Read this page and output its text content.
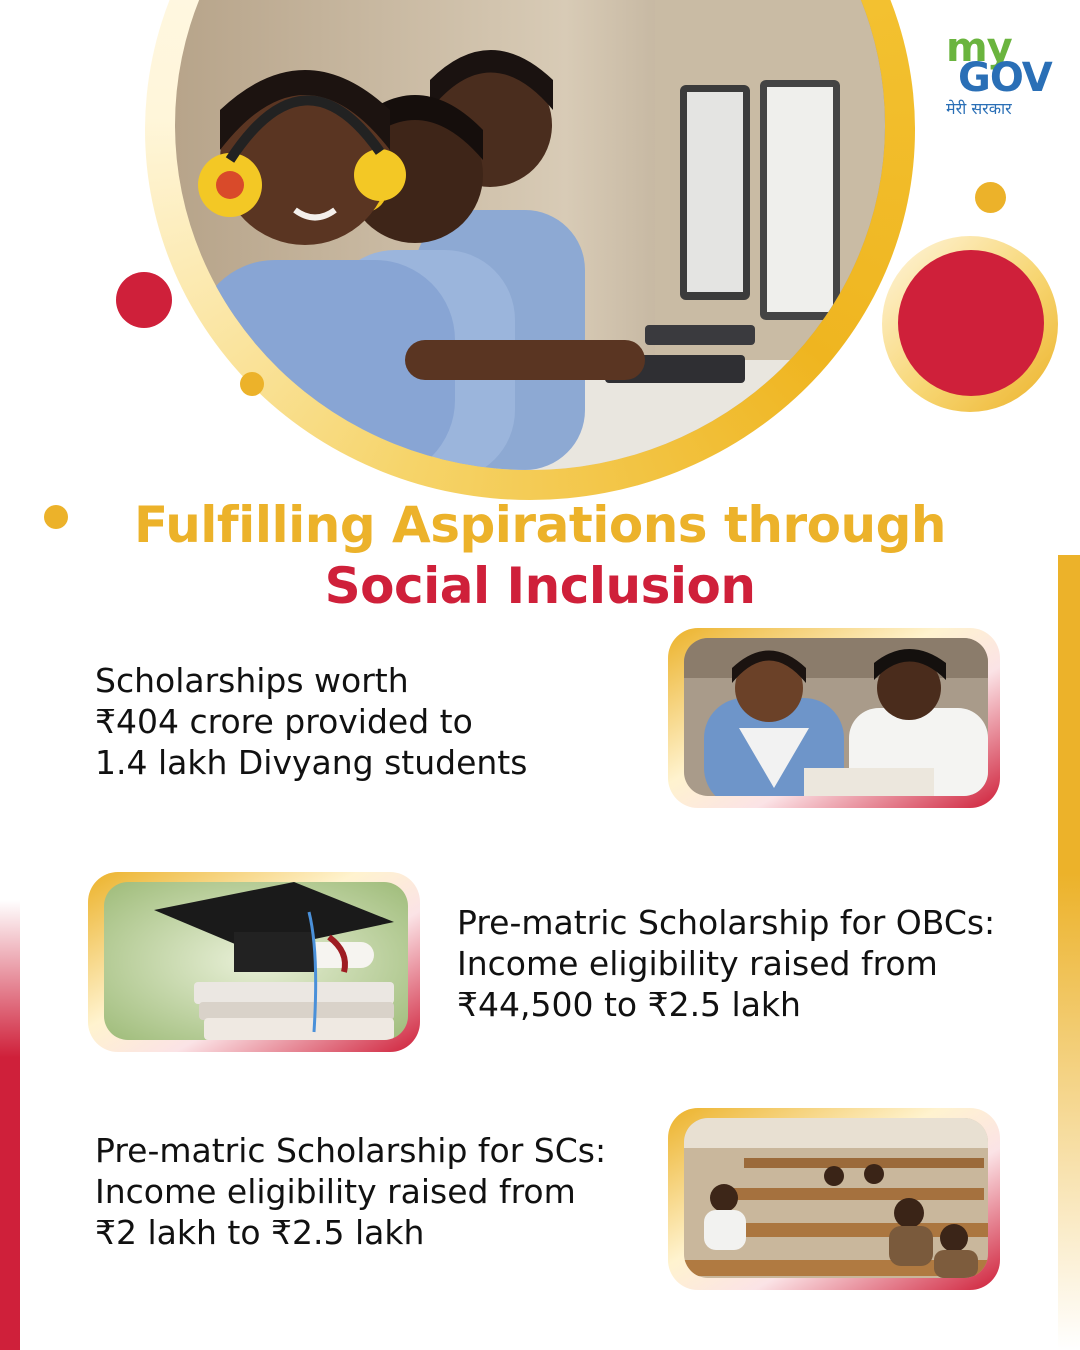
my
GOV
मेरी सरकार
Fulfilling Aspirations through
Social Inclusion
Scholarships worth
₹404 crore provided to
1.4 lakh Divyang students
Pre-matric Scholarship for OBCs:
Income eligibility raised from
₹44,500 to ₹2.5 lakh
Pre-matric Scholarship for SCs:
Income eligibility raised from
₹2 lakh to ₹2.5 lakh
